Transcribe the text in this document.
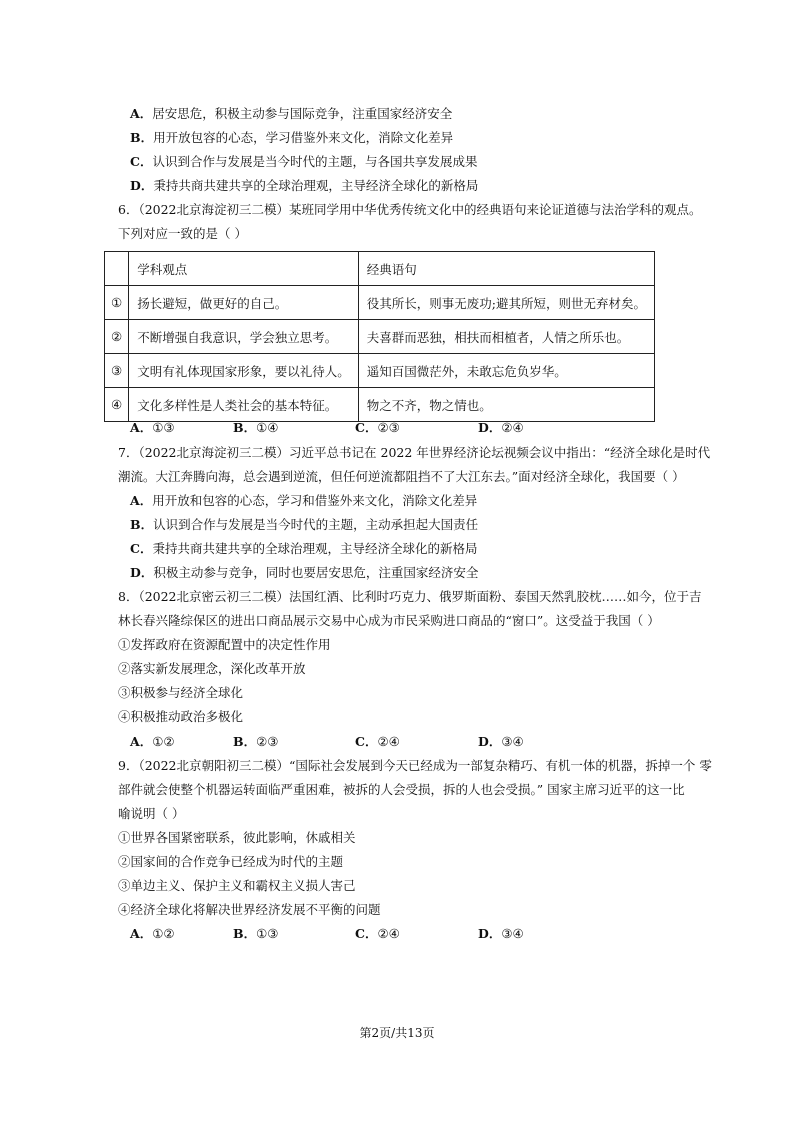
A．居安思危，积极主动参与国际竞争，注重国家经济安全
B．用开放包容的心态，学习借鉴外来文化，消除文化差异
C．认识到合作与发展是当今时代的主题，与各国共享发展成果
D．秉持共商共建共享的全球治理观，主导经济全球化的新格局
6．（2022北京海淀初三二模）某班同学用中华优秀传统文化中的经典语句来论证道德与法治学科的观点。
下列对应一致的是（ ）
	学科观点	经典语句
①	扬长避短，做更好的自己。	役其所长，则事无废功;避其所短，则世无弃材矣。
②	不断增强自我意识，学会独立思考。	夫喜群而恶独，相扶而相植者，人情之所乐也。
③	文明有礼体现国家形象，要以礼待人。	遥知百国微茫外，未敢忘危负岁华。
④	文化多样性是人类社会的基本特征。	物之不齐，物之情也。
A．①③	B．①④	C．②③	D．②④
7．（2022北京海淀初三二模）习近平总书记在 2022 年世界经济论坛视频会议中指出：“经济全球化是时代
潮流。大江奔腾向海，总会遇到逆流，但任何逆流都阻挡不了大江东去。”面对经济全球化，我国要（ ）
A．用开放和包容的心态，学习和借鉴外来文化，消除文化差异
B．认识到合作与发展是当今时代的主题，主动承担起大国责任
C．秉持共商共建共享的全球治理观，主导经济全球化的新格局
D．积极主动参与竞争，同时也要居安思危，注重国家经济安全
8．（2022北京密云初三二模）法国红酒、比利时巧克力、俄罗斯面粉、泰国天然乳胶枕……如今，位于吉
林长春兴隆综保区的进出口商品展示交易中心成为市民采购进口商品的“窗口”。这受益于我国（ ）
①发挥政府在资源配置中的决定性作用
②落实新发展理念，深化改革开放
③积极参与经济全球化
④积极推动政治多极化
A．①②	B．②③	C．②④	D．③④
9．（2022北京朝阳初三二模）“国际社会发展到今天已经成为一部复杂精巧、有机一体的机器，拆掉一个 零
部件就会使整个机器运转面临严重困难，被拆的人会受损，拆的人也会受损。” 国家主席习近平的这一比
喻说明（ ）
①世界各国紧密联系，彼此影响，休戚相关
②国家间的合作竞争已经成为时代的主题
③单边主义、保护主义和霸权主义损人害己
④经济全球化将解决世界经济发展不平衡的问题
A．①②	B．①③	C．②④	D．③④
第2页/共13页
